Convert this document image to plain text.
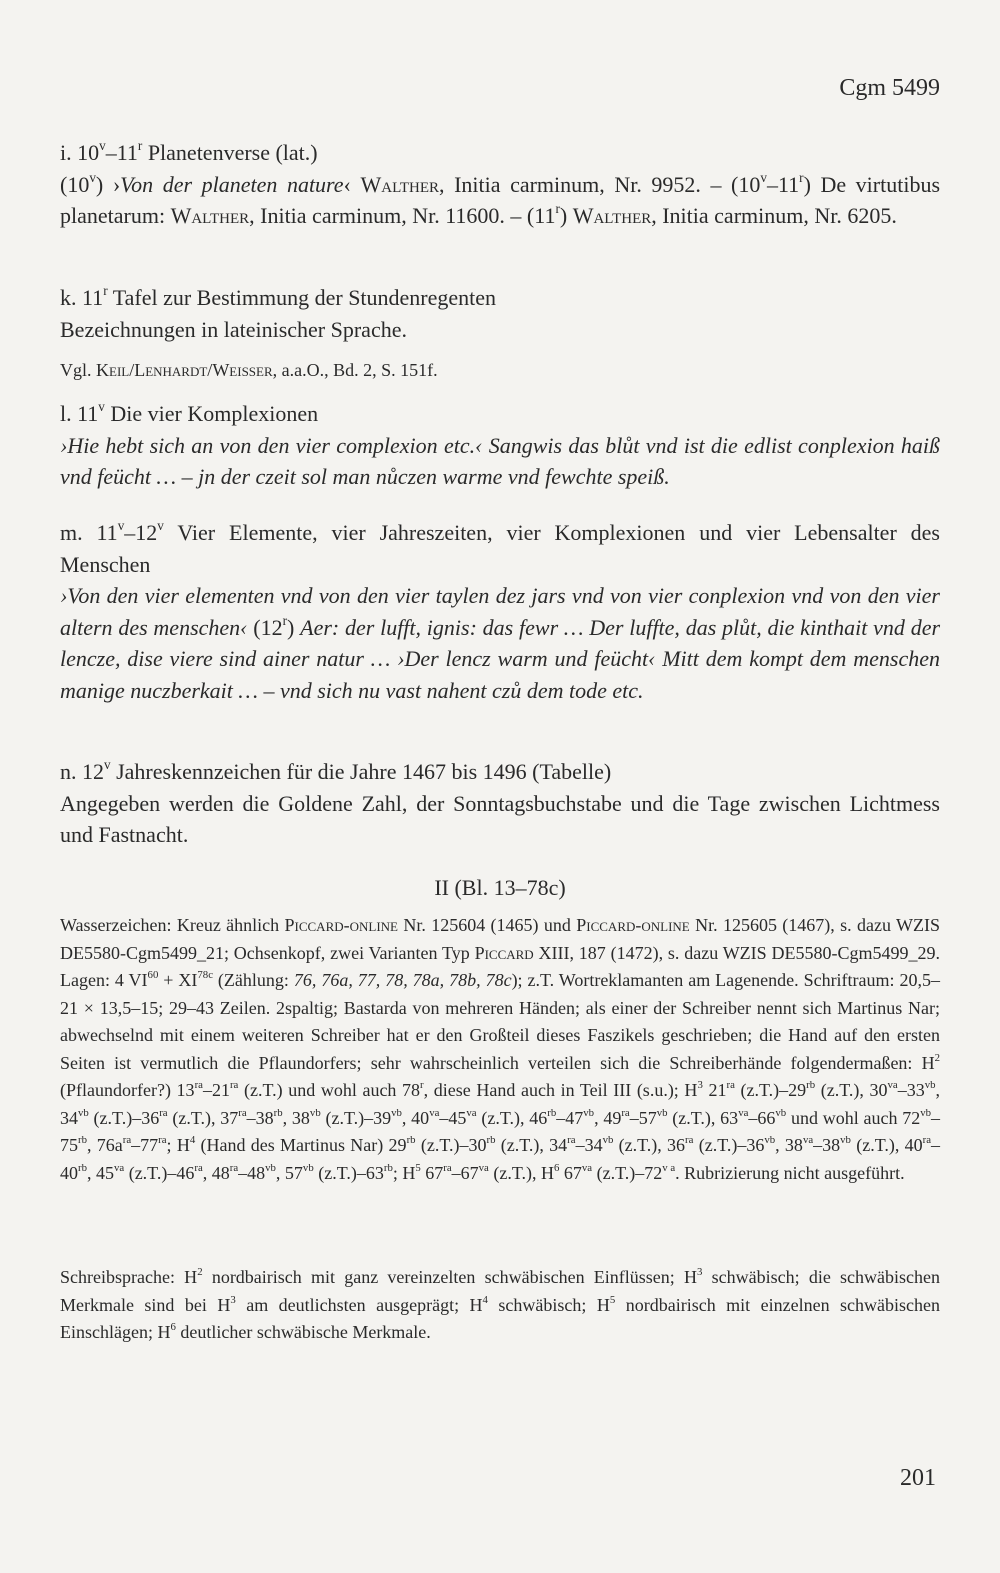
Cgm 5499
i. 10$^v$–11$^r$ Planetenverse (lat.)
(10$^v$) ›Von der planeten nature‹ Walther, Initia carminum, Nr. 9952. – (10$^v$–11$^r$) De virtutibus planetarum: Walther, Initia carminum, Nr. 11600. – (11$^r$) Walther, Initia carminum, Nr. 6205.
k. 11$^r$ Tafel zur Bestimmung der Stundenregenten
Bezeichnungen in lateinischer Sprache.
Vgl. Keil/Lenhardt/Weisser, a.a.O., Bd. 2, S. 151f.
l. 11$^v$ Die vier Komplexionen
›Hie hebt sich an von den vier complexion etc.‹ Sangwis das blůt vnd ist die edlist conplexion haiß vnd feücht … – jn der czeit sol man nůczen warme vnd fewchte speiß.
m. 11$^v$–12$^v$ Vier Elemente, vier Jahreszeiten, vier Komplexionen und vier Lebensalter des Menschen
›Von den vier elementen vnd von den vier taylen dez jars vnd von vier conplexion vnd von den vier altern des menschen‹ (12$^r$) Aer: der lufft, ignis: das fewr … Der luffte, das plůt, die kinthait vnd der lencze, dise viere sind ainer natur … ›Der lencz warm und feücht‹ Mitt dem kompt dem menschen manige nuczberkait … – vnd sich nu vast nahent czů dem tode etc.
n. 12$^v$ Jahreskennzeichen für die Jahre 1467 bis 1496 (Tabelle)
Angegeben werden die Goldene Zahl, der Sonntagsbuchstabe und die Tage zwischen Lichtmess und Fastnacht.
II (Bl. 13–78c)
Wasserzeichen: Kreuz ähnlich Piccard-online Nr. 125604 (1465) und Piccard-online Nr. 125605 (1467), s. dazu WZIS DE5580-Cgm5499_21; Ochsenkopf, zwei Varianten Typ Piccard XIII, 187 (1472), s. dazu WZIS DE5580-Cgm5499_29. Lagen: 4 $VI^{60} + XI^{78c}$ (Zählung: 76, 76a, 77, 78, 78a, 78b, 78c); z.T. Wortreklamanten am Lagenende. Schriftraum: 20,5–21 × 13,5–15; 29–43 Zeilen. 2spaltig; Bastarda von mehreren Händen; als einer der Schreiber nennt sich Martinus Nar; abwechselnd mit einem weiteren Schreiber hat er den Großteil dieses Faszikels geschrieben; die Hand auf den ersten Seiten ist vermutlich die Pflaundorfers; sehr wahrscheinlich verteilen sich die Schreiberhände folgendermaßen: $H^2$ (Pflaundorfer?) $13^{ra}-21^{ra}$ (z.T.) und wohl auch 78$^r$, diese Hand auch in Teil III (s.u.); $H^3$ $21^{ra}$ $(z.T.)-29^{rb}$ (z.T.), $30^{va}-33^{vb}$, $34^{vb}$ $(z.T.)-36^{ra}$ (z.T.), $37^{ra}-38^{rb}$, $38^{vb}$ $(z.T.)-39^{vb}$, $40^{va}-45^{va}$ (z.T.), $46^{rb}-47^{vb}$, $49^{ra}-57^{vb}$ (z.T.), $63^{va}-66^{vb}$ und wohl auch $72^{vb}-75^{rb}$, $76a^{ra}-77^{ra}$; $H^4$ (Hand des Martinus Nar) $29^{rb}$ $(z.T.)-30^{rb}$ (z.T.), $34^{ra}-34^{vb}$ (z.T.), $36^{ra}$ $(z.T.)-36^{vb}$, $38^{va}-38^{vb}$ (z.T.), $40^{ra}-40^{rb}$, $45^{va}$ $(z.T.)-46^{ra}$, $48^{ra}-48^{vb}$, $57^{vb}$ $(z.T.)-63^{rb}$; $H^5$ $67^{ra}-67^{va}$ (z.T.), $H^6$ $67^{va}$ $(z.T.)-72^{v a}$. Rubrizierung nicht ausgeführt.
Schreibsprache: $H^2$ nordbairisch mit ganz vereinzelten schwäbischen Einflüssen; $H^3$ schwäbisch; die schwäbischen Merkmale sind bei $H^3$ am deutlichsten ausgeprägt; $H^4$ schwäbisch; $H^5$ nordbairisch mit einzelnen schwäbischen Einschlägen; $H^6$ deutlicher schwäbische Merkmale.
201
